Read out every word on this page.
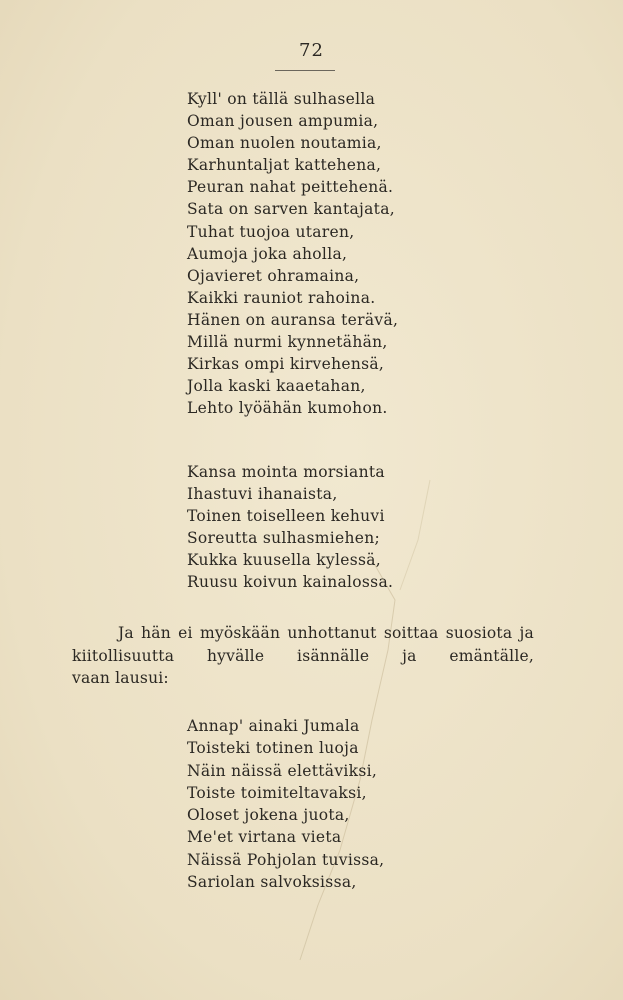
72
Kyll' on tällä sulhasella
Oman jousen ampumia,
Oman nuolen noutamia,
Karhuntaljat kattehena,
Peuran nahat peittehenä.
Sata on sarven kantajata,
Tuhat tuojoa utaren,
Aumoja joka aholla,
Ojavieret ohramaina,
Kaikki rauniot rahoina.
Hänen on auransa terävä,
Millä nurmi kynnetähän,
Kirkas ompi kirvehensä,
Jolla kaski kaaetahan,
Lehto lyöähän kumohon.
Kansa mointa morsianta
Ihastuvi ihanaista,
Toinen toiselleen kehuvi
Soreutta sulhasmiehen;
Kukka kuusella kylessä,
Ruusu koivun kainalossa.
Ja hän ei myöskään unhottanut soittaa suosiota ja
kiitollisuutta hyvälle isännälle ja emäntälle,
vaan lausui:
Annap' ainaki Jumala
Toisteki totinen luoja
Näin näissä elettäviksi,
Toiste toimiteltavaksi,
Oloset jokena juota,
Me'et virtana vieta
Näissä Pohjolan tuvissa,
Sariolan salvoksissa,
